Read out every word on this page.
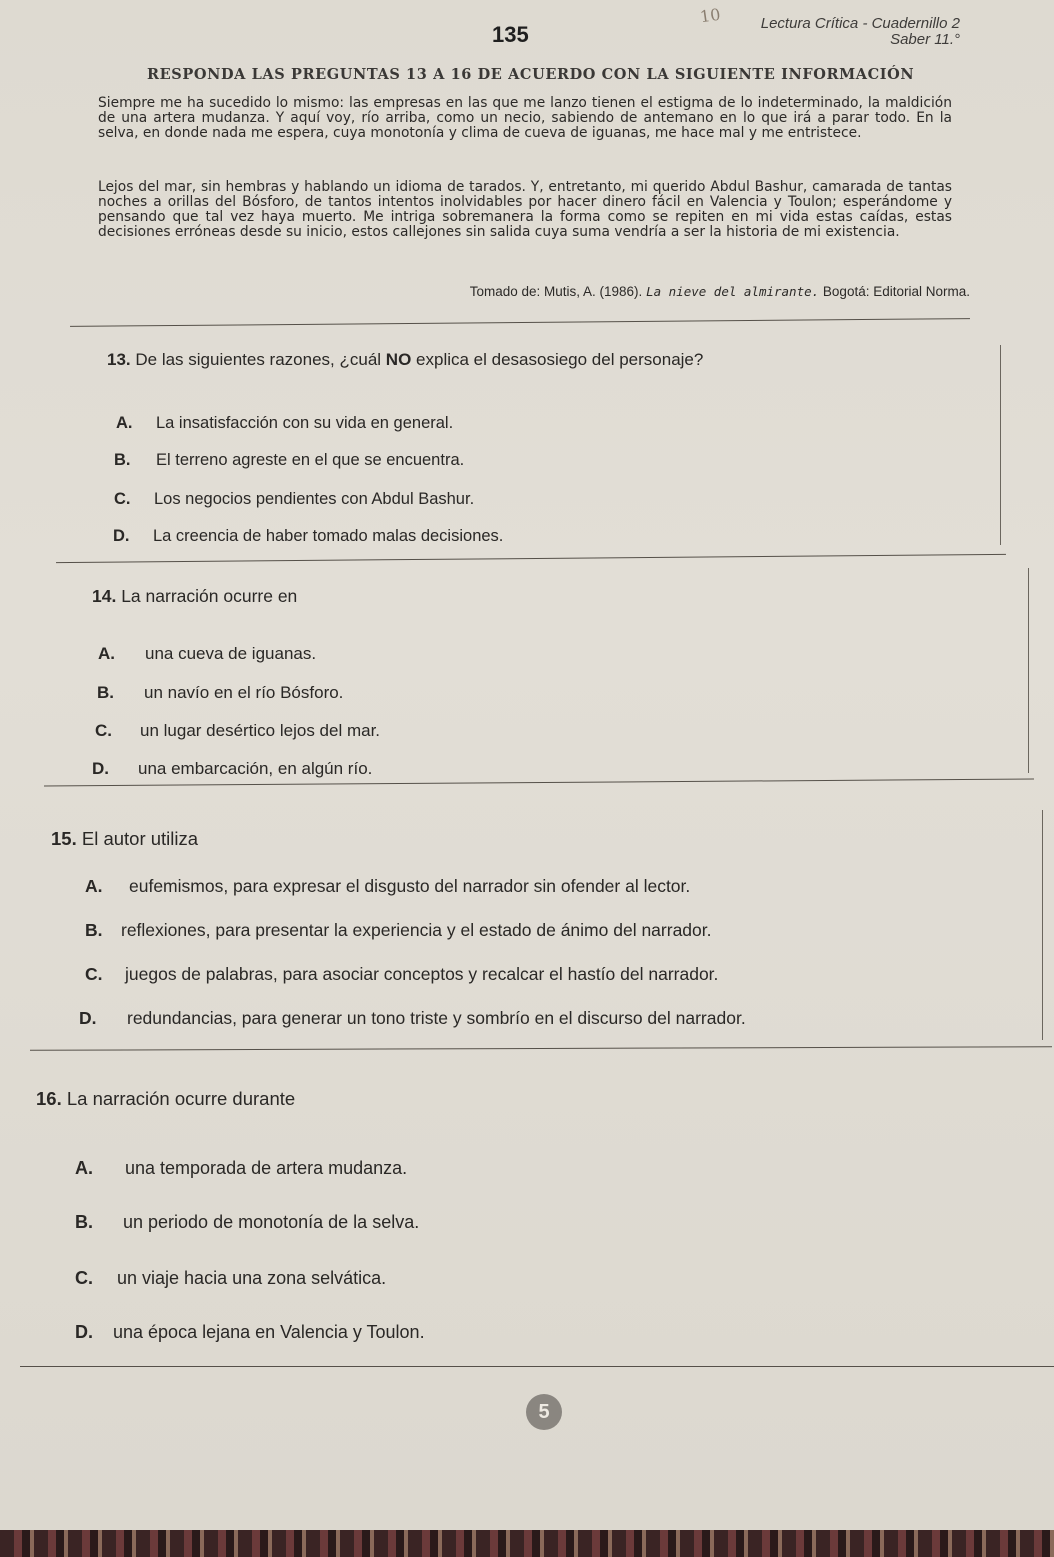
135
10	Lectura Crítica - Cuadernillo 2
Saber 11.°
RESPONDA LAS PREGUNTAS 13 A 16 DE ACUERDO CON LA SIGUIENTE INFORMACIÓN
Siempre me ha sucedido lo mismo: las empresas en las que me lanzo tienen el estigma de lo indeterminado, la maldición de una artera mudanza. Y aquí voy, río arriba, como un necio, sabiendo de antemano en lo que irá a parar todo. En la selva, en donde nada me espera, cuya monotonía y clima de cueva de iguanas, me hace mal y me entristece.
Lejos del mar, sin hembras y hablando un idioma de tarados. Y, entretanto, mi querido Abdul Bashur, camarada de tantas noches a orillas del Bósforo, de tantos intentos inolvidables por hacer dinero fácil en Valencia y Toulon; esperándome y pensando que tal vez haya muerto. Me intriga sobremanera la forma como se repiten en mi vida estas caídas, estas decisiones erróneas desde su inicio, estos callejones sin salida cuya suma vendría a ser la historia de mi existencia.
Tomado de: Mutis, A. (1986). La nieve del almirante. Bogotá: Editorial Norma.
13. De las siguientes razones, ¿cuál NO explica el desasosiego del personaje?
A. La insatisfacción con su vida en general.
B. El terreno agreste en el que se encuentra.
C. Los negocios pendientes con Abdul Bashur.
D. La creencia de haber tomado malas decisiones.
14. La narración ocurre en
A. una cueva de iguanas.
B. un navío en el río Bósforo.
C. un lugar desértico lejos del mar.
D. una embarcación, en algún río.
15. El autor utiliza
A. eufemismos, para expresar el disgusto del narrador sin ofender al lector.
B. reflexiones, para presentar la experiencia y el estado de ánimo del narrador.
C. juegos de palabras, para asociar conceptos y recalcar el hastío del narrador.
D. redundancias, para generar un tono triste y sombrío en el discurso del narrador.
16. La narración ocurre durante
A. una temporada de artera mudanza.
B. un periodo de monotonía de la selva.
C. un viaje hacia una zona selvática.
D. una época lejana en Valencia y Toulon.
5
